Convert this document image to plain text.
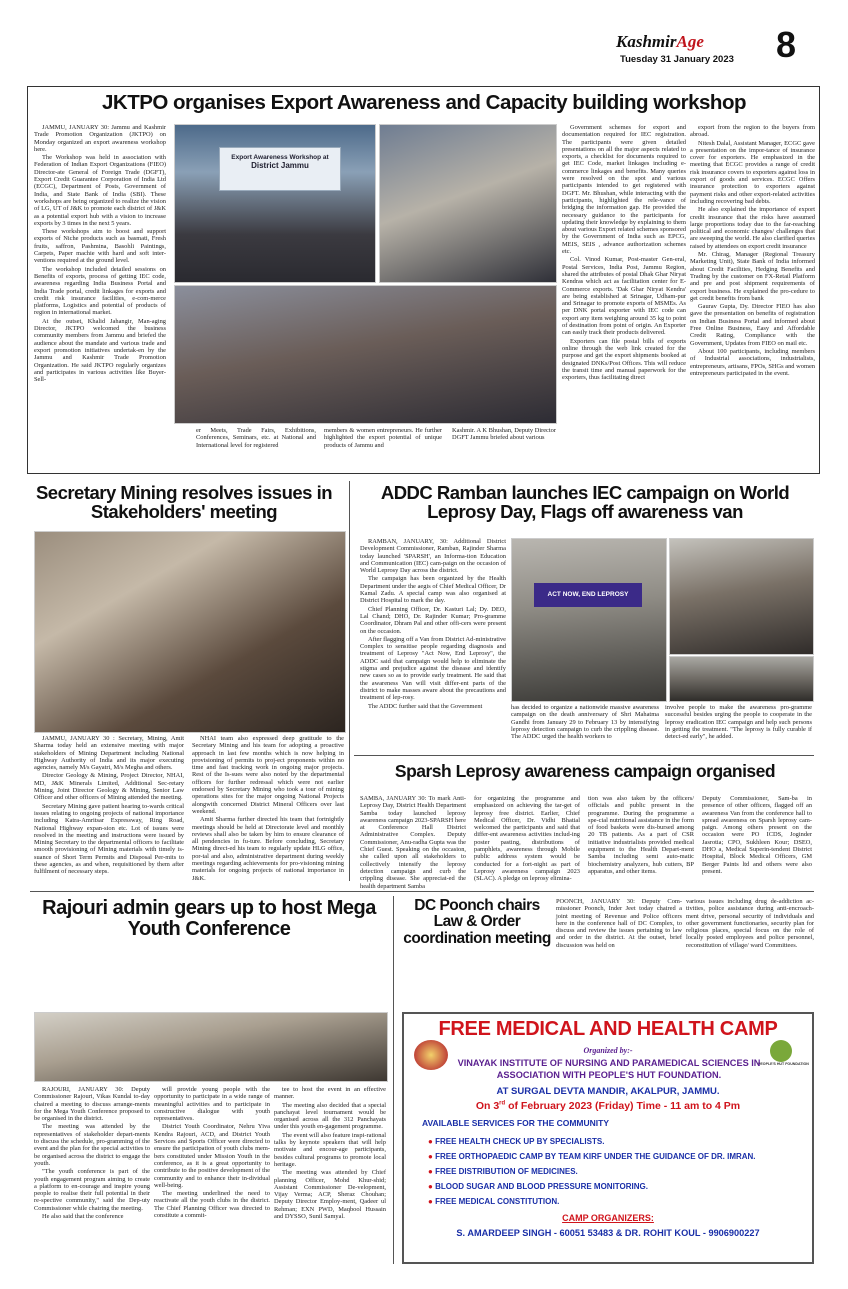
KashmirAge
Tuesday 31 January 2023 8
JKTPO organises Export Awareness and Capacity building workshop

JAMMU, JANUARY 30: Jammu and Kashmir Trade Promotion Organization (JKTPO) on Monday organized an export awareness workshop here.

The Workshop was held in association with Federation of Indian Export Organizations (FIEO) Director-ate General of Foreign Trade (DGFT), Export Credit Guarantee Corporation of India Ltd (ECGC), Department of Posts, Government of India, and State Bank of India (SBI). These workshops are being organized to realize the vision of LG, UT of J&K to promote each district of J&K as a potential export hub with a vision to increase exports by 3 times in the next 5 years.

These workshops aim to boost and support exports of Niche products such as basmati, Fresh fruits, saffron, Pashmina, Basohli Paintings, Carpets, Paper machie with hard and soft inter-ventions required at the ground level.

The workshop included detailed sessions on Benefits of exports, process of getting IEC code, awareness regarding India Business Portal and India Trade portal, credit linkages for exports and credit risk insurance facilities, e-com-merce platforms, Logistics and potential of products of region in international market.

At the outset, Khalid Jahangir, Man-aging Director, JKTPO welcomed the business community members from Jammu and briefed the audience about the mandate and various trade and export promotion initiatives undertak-en by the Jammu and Kashmir Trade Promotion Organization. He said JKTPO regularly organizes and participates in various activities like Buyer-Sell-

Export Awareness Workshop at
District Jammu
er Meets, Trade Fairs, Exhibitions, Conferences, Seminars, etc. at National and International level for registered
members & women entrepreneurs. He further highlighted the export potential of unique products of Jammu and
Kashmir. A K Bhushan, Deputy Director DGFT Jammu briefed about various

Government schemes for export and documentation required for IEC registration. The participants were given detailed presentations on all the major aspects related to exports, a checklist for documents required to get IEC Code, market linkages including e-commerce linkages and benefits. Many queries were resolved on the spot and various participants intended to get registered with DGFT. Mr. Bhushan, while interacting with the participants, highlighted the rele-vance of bridging the information gap. He provided the necessary guidance to the participants for updating their knowledge by explaining to them about various Export related schemes sponsored by the Government of India such as EPCG, MEIS, SEIS , advance authorization schemes etc.

Col. Vinod Kumar, Post-master Gen-eral, Postal Services, India Post, Jammu Region, shared the attributes of postal Dhak Ghar Niryat Kendras which act as facilitation center for E-Commerce exports. 'Dak Ghar Niryat Kendra' are being established at Srinagar, Udham-pur and Srinagar to promote exports of MSMEs. As per DNK portal exporter with IEC code can export any item weighing around 35 kg to point of destination from point of origin. An Exporter can easily track their products delivered.

Exporters can file postal bills of exports online through the web link created for the purpose and get the export shipments booked at designated DNKs/Post Offices. This will reduce the transit time and manual paperwork for the exporters, thus facilitating direct

export from the region to the buyers from abroad.

Nitesh Dalal, Assistant Manager, ECGC gave a presentation on the impor-tance of insurance cover for exporters. He emphasized in the meeting that ECGC provides a range of credit risk insurance covers to exporters against loss in export of goods and services. ECGC Offers insurance protection to exporters against payment risks and other export-related activities including recovering bad debts.

He also explained the importance of export credit insurance that the risks have assumed large proportions today due to the far-reaching political and economic changes/ challenges that are sweeping the world. He also clarified queries raised by attendees on export credit insurance

Mr. Chirag, Manager (Regional Treasury Marketing Unit), State Bank of India informed about Credit Facilities, Hedging Benefits and Trading by the customer on FX-Retail Platform and pre and post shipment requirements of export business. He explained the pro-cedure to get credit benefits from bank

Gaurav Gupta, Dy. Director FIEO has also gave the presentation on benefits of registration on Indian Business Portal and informed about Free Online Business, Easy and Affordable Credit Rating, Compliance with the Government, Updates from FIEO on mail etc.

About 100 participants, including members of Industrial associations, industrialists, entrepreneurs, artisans, FPOs, SHGs and women entrepreneurs participated in the event.

Secretary Mining resolves issues in Stakeholders' meeting

JAMMU, JANUARY 30 : Secretary, Mining, Amit Sharma today held an extensive meeting with major stakeholders of Mining Department including National Highway Authority of India and its major executing agencies, namely M/s Gayatri, M/s Megha and others.

Director Geology & Mining, Project Director, NHAI, MD, J&K Minerals Limited, Additional Sec-retary Mining, Joint Director Geology & Mining, Senior Law Officer and other officers of Mining attended the meeting.

Secretary Mining gave patient hearing to-wards critical issues relating to ongoing projects of national importance including Katra-Amritsar Expressway, Ring Road, National Highway expan-sion etc. Lot of issues were resolved in the meeting and instructions were issued by Mining Secretary to the departmental officers to facilitate smooth provisioning of Mining materials with timely is-suance of Short Term Permits and Disposal Per-mits to these agencies, as and when, requisitioned by them after fulfilment of necessary steps.

NHAI team also expressed deep gratitude to the Secretary Mining and his team for adopting a proactive approach in last few months which is now helping in provisioning of permits to proj-ect proponents within no time and fast tracking work in ongoing major projects. Rest of the Is-sues were also noted by the departmental officers for further redressal which were not earlier endorsed by Secretary Mining who took a tour of mining operations sites for the major ongoing National Projects alongwith concerned District Mineral Officers over last weekend.

Amit Sharma further directed his team that fortnightly meetings should be held at Directorate level and monthly reviews shall also be taken by him to ensure clearance of all pendencies in fu-ture. Before concluding, Secretary Mining direct-ed his team to regularly update HLG office, por-tal and also, administrative department during weekly meetings regarding achievements for pro-visioning mining materials for ongoing projects of national importance in J&K.

ADDC Ramban launches IEC campaign on World Leprosy Day, Flags off awareness van

RAMBAN, JANUARY, 30: Additional District Development Commissioner, Ramban, Rajinder Sharma today launched 'SPARSH', an Informa-tion Education and Communication (IEC) cam-paign on the occasion of World Leprosy Day across the district.

The campaign has been organized by the Health Department under the aegis of Chief Medical Officer, Dr Kamal Zadu. A special camp was also organised at District Hospital to mark the day.

Chief Planning Officer, Dr. Kasturi Lal; Dy. DEO, Lal Chand; DHO, Dr. Rajinder Kumar; Pro-gramme Coordinator, Dhram Pal and other offi-cers were present on the occasion.

After flagging off a Van from District Ad-ministrative Complex to sensitise people regarding diagnosis and treatment of Leprosy "Act Now, End Leprosy", the ADDC said that campaign would help to eliminate the stigma and prejudice against the disease and identify new cases so as to provide early treatment. He said that the awareness Van will visit differ-ent parts of the district to make masses aware about the precautions and treatment of lep-rosy.

The ADDC further said that the Government

ACT NOW, END LEPROSY
has decided to organize a nationwide massive awareness campaign on the death anniversary of Shri Mahatma Gandhi from January 29 to February 13 by intensifying leprosy detection campaign to curb the crippling disease. The ADDC urged the health workers to
involve people to make the awareness pro-gramme successful besides urging the people to cooperate in the leprosy eradication IEC campaign and help such persons in getting the treatment. "The leprosy is fully curable if detect-ed early", he added.
Sparsh Leprosy awareness campaign organised
SAMBA, JANUARY 30: To mark Anti-Leprosy Day, District Health Department Samba today launched leprosy awareness campaign 2023-SPARSH here at Conference Hall District Administrative Complex. Deputy Commissioner, Anu-radha Gupta was the Chief Guest. Speaking on the occasion, she called upon all stakeholders to collectively intensify the leprosy detection campaign and curb the crippling disease. She appreciat-ed the health department Samba
for organizing the programme and emphasized on achieving the tar-get of leprosy free district. Earlier, Chief Medical Officer, Dr. Vidhi Bhatial welcomed the participants and said that differ-ent awareness activities includ-ing poster pasting, distributions of pamphlets, awareness through Mobile public address system would be conducted for a fort-night as part of Leprosy awareness campaign 2023 (SLAC). A pledge on leprosy elimina-
tion was also taken by the officers/ officials and public present in the programme. During the programme a spe-cial nutritional assistance in the form of food baskets were dis-bursed among 20 TB patients. As a part of CSR initiative industrialists provided medical equipment to the Health Depart-ment Samba including semi auto-matic biochemistry analyzers, hub cutters, BP apparatus, and other items.
Deputy Commissioner, Sam-ba in presence of other officers, flagged off an awareness Van from the conference hall to spread awareness on Sparsh leprosy cam-paign. Among others present on the occasion were PO ICDS, Joginder Jasrotia; CPO, Sukhleen Kour; DSEO, DHO a, Medical Superin-tendent District Hospital, Block Medical Officers, GM Berger Paints ltd and others were also present.
Rajouri admin gears up to host Mega Youth Conference

RAJOURI, JANUARY 30: Deputy Commissioner Rajouri, Vikas Kundal to-day chaired a meeting to discuss arrange-ments for the Mega Youth Conference proposed to be organised in the district.

The meeting was attended by the representatives of stakeholder depart-ments to discuss the schedule, pro-gramming of the event and the plan for the special activities to be organised across the district to engage the youth.

"The youth conference is part of the youth engagement program aiming to create a platform to en-courage and inspire young people to realise their full potential in their re-spective community," said the Dep-uty Commissioner while chairing the meeting.

He also said that the conference

will provide young people with the opportunity to participate in a wide range of meaningful activities and to participate in constructive dialogue with youth representatives.

District Youth Coordinator, Nehru Yiva Kendra Rajouri, ACD, and District Youth Services and Sports Officer were directed to ensure the participation of youth clubs mem-bers constituted under Mission Youth in the conference, as it is a great opportunity to contribute to the positive development of the community and to enhance their in-dividual well-being.

The meeting underlined the need to reactivate all the youth clubs in the district. The Chief Planning Officer was directed to constitute a commit-

tee to host the event in an effective manner.

The meeting also decided that a special panchayat level tournament would be organised across all the 312 Panchayats under this youth en-gagement programme.

The event will also feature inspi-rational talks by keynote speakers that will help motivate and encour-age participants, besides cultural programs to promote local heritage.

The meeting was attended by Chief planning Officer, Mohd Khur-shid; Assistant Commissioner De-velopment, Vijay Verma; ACP, Sheraz Chouhan; Deputy Director Employ-ment, Qadeer ul Rehman; EXN PWD, Maqbool Hussain and DYSSO, Sunil Samyal.

DC Poonch chairs Law & Order coordination meeting
POONCH, JANUARY 30: Deputy Com-missioner Poonch, Inder Jeet today chaired a joint meeting of Revenue and Police officers here in the conference hall of DC Complex, to discuss and review the issues pertaining to law and order in the district. At the outset, brief discussion was held on
various issues including drug de-addiction ac-tivities, police assistance during anti-encroach-ment drive, personal security of individuals and other government functionaries, security plan for religious places, special focus on the role of locally posted employees and police personnel, reconstitution of village/ ward Committees.
FREE MEDICAL AND HEALTH CAMP
PEOPLE'S HUT FOUNDATION
Organized by:-
VINAYAK INSTITUTE OF NURSING AND PARAMEDICAL SCIENCES IN ASSOCIATION WITH PEOPLE'S HUT FOUNDATION.
AT SURGAL DEVTA MANDIR, AKALPUR, JAMMU.
On 3rd of February 2023 (Friday) Time - 11 am to 4 Pm
AVAILABLE SERVICES FOR THE COMMUNITY
● FREE HEALTH CHECK UP BY SPECIALISTS.
● FREE ORTHOPAEDIC CAMP BY TEAM KIRF UNDER THE GUIDANCE OF DR. IMRAN.
● FREE DISTRIBUTION OF MEDICINES.
● BLOOD SUGAR AND BLOOD PRESSURE MONITORING.
● FREE MEDICAL CONSTITUTION.
CAMP ORGANIZERS:
S. AMARDEEP SINGH - 60051 53483 & DR. ROHIT KOUL - 9906900227
